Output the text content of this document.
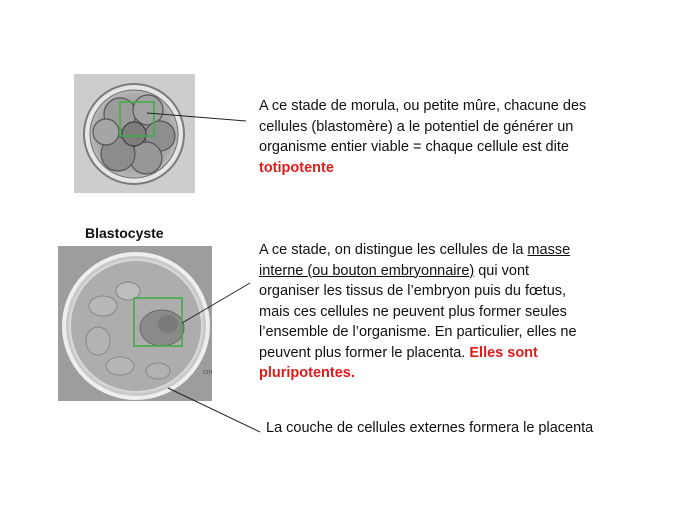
cm
A ce stade de morula, ou petite mûre, chacune des
cellules (blastomère) a le potentiel de générer un
organisme entier viable = chaque cellule est dite
totipotente
Blastocyste
A ce stade, on distingue les cellules de la masse
interne (ou bouton embryonnaire) qui vont
organiser les tissus de l’embryon puis du fœtus,
mais ces cellules ne peuvent plus former seules
l’ensemble de l’organisme. En particulier, elles ne
peuvent plus former le placenta. Elles sont
pluripotentes.
La couche de cellules externes formera le placenta
